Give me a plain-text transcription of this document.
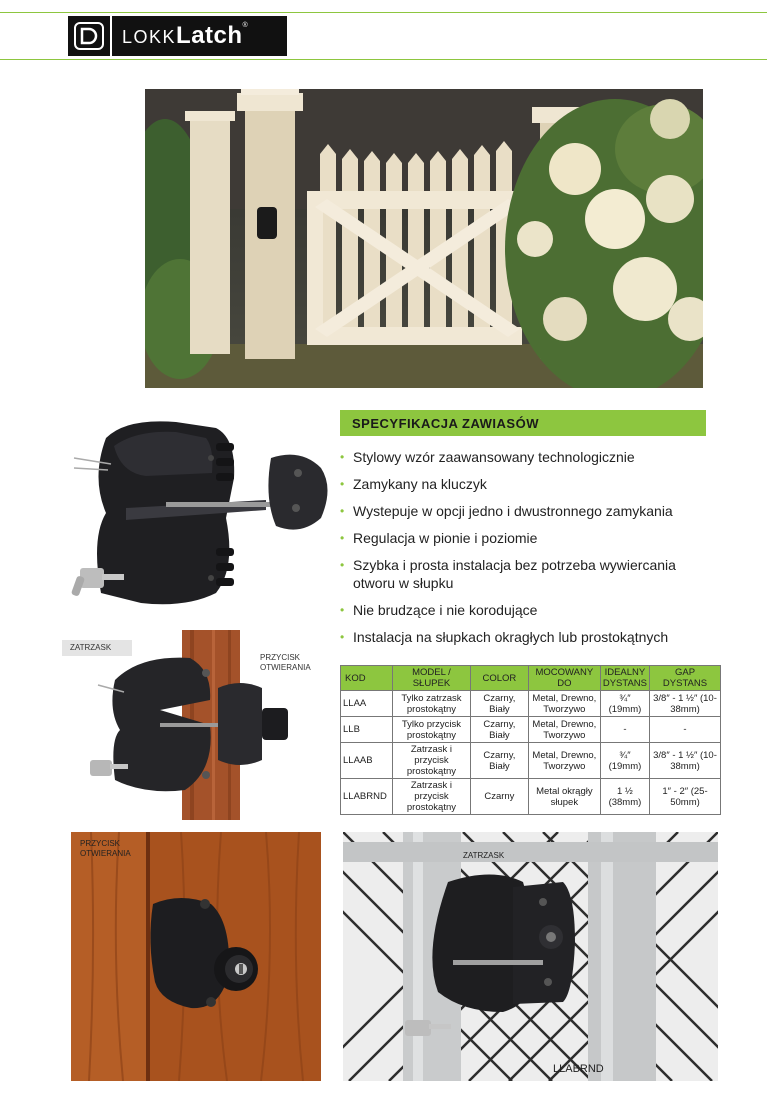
LOKKLatch®
SPECYFIKACJA ZAWIASÓW
• Stylowy wzór zaawansowany technologicznie
• Zamykany na kluczyk
• Wystepuje w opcji jedno i dwustronnego zamykania
• Regulacja w pionie i poziomie
• Szybka i prosta instalacja bez potrzeba wywiercania otworu w słupku
• Nie brudzące i nie korodujące
• Instalacja na słupkach okragłych lub prostokątnych
ZATRZASK
PRZYCISK OTWIERANIA
KOD	MODEL / SŁUPEK	COLOR	MOCOWANY DO	IDEALNY DYSTANS	GAP DYSTANS
LLAA	Tylko zatrzask prostokątny	Czarny, Biały	Metal, Drewno, Tworzywo	¾″ (19mm)	3/8″ - 1 ½″ (10-38mm)
LLB	Tylko przycisk prostokątny	Czarny, Biały	Metal, Drewno, Tworzywo	-	-
LLAAB	Zatrzask i przycisk prostokątny	Czarny, Biały	Metal, Drewno, Tworzywo	¾″ (19mm)	3/8″ - 1 ½″ (10-38mm)
LLABRND	Zatrzask i przycisk prostokątny	Czarny	Metal okrągły słupek	1 ½ (38mm)	1″ - 2″ (25-50mm)
PRZYCISK OTWIERANIA	ZATRZASK
LLABRND
